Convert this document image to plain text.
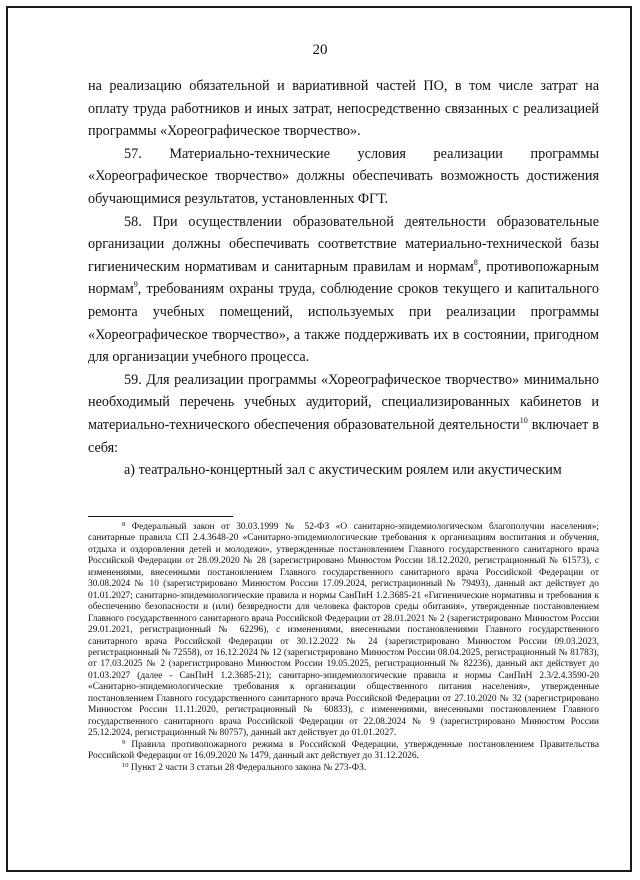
20

на реализацию обязательной и вариативной частей ПО, в том числе затрат на оплату труда работников и иных затрат, непосредственно связанных с реализацией программы «Хореографическое творчество».

57. Материально-технические условия реализации программы «Хореографическое творчество» должны обеспечивать возможность достижения обучающимися результатов, установленных ФГТ.

58. При осуществлении образовательной деятельности образовательные организации должны обеспечивать соответствие материально-технической базы гигиеническим нормативам и санитарным правилам и нормам$^8$, противопожарным нормам$^9$, требованиям охраны труда, соблюдение сроков текущего и капитального ремонта учебных помещений, используемых при реализации программы «Хореографическое творчество», а также поддерживать их в состоянии, пригодном для организации учебного процесса.

59. Для реализации программы «Хореографическое творчество» минимально необходимый перечень учебных аудиторий, специализированных кабинетов и материально-технического обеспечения образовательной деятельности$^{10}$ включает в себя:

а) театрально-концертный зал с акустическим роялем или акустическим

$^8$ Федеральный закон от 30.03.1999 № 52-ФЗ «О санитарно-эпидемиологическом благополучии населения»; санитарные правила СП 2.4.3648-20 «Санитарно-эпидемиологические требования к организациям воспитания и обучения, отдыха и оздоровления детей и молодежи», утвержденные постановлением Главного государственного санитарного врача Российской Федерации от 28.09.2020 № 28 (зарегистрировано Минюстом России 18.12.2020, регистрационный № 61573), с изменениями, внесенными постановлением Главного государственного санитарного врача Российской Федерации от 30.08.2024 № 10 (зарегистрировано Минюстом России 17.09.2024, регистрационный № 79493), данный акт действует до 01.01.2027; санитарно-эпидемиологические правила и нормы СанПиН 1.2.3685-21 «Гигиенические нормативы и требования к обеспечению безопасности и (или) безвредности для человека факторов среды обитания», утвержденные постановлением Главного государственного санитарного врача Российской Федерации от 28.01.2021 № 2 (зарегистрировано Минюстом России 29.01.2021, регистрационный № 62296), с изменениями, внесенными постановлениями Главного государственного санитарного врача Российской Федерации от 30.12.2022 № 24 (зарегистрировано Минюстом России 09.03.2023, регистрационный № 72558), от 16.12.2024 № 12 (зарегистрировано Минюстом России 08.04.2025, регистрационный № 81783), от 17.03.2025 № 2 (зарегистрировано Минюстом России 19.05.2025, регистрационный № 82236), данный акт действует до 01.03.2027 (далее - СанПиН 1.2.3685-21); санитарно-эпидемиологические правила и нормы СанПиН 2.3/2.4.3590-20 «Санитарно-эпидемиологические требования к организации общественного питания населения», утвержденные постановлением Главного государственного санитарного врача Российской Федерации от 27.10.2020 № 32 (зарегистрировано Минюстом России 11.11.2020, регистрационный № 60833), с изменениями, внесенными постановлением Главного государственного санитарного врача Российской Федерации от 22.08.2024 № 9 (зарегистрировано Минюстом России 25.12.2024, регистрационный № 80757), данный акт действует до 01.01.2027.

$^9$ Правила противопожарного режима в Российской Федерации, утвержденные постановлением Правительства Российской Федерации от 16.09.2020 № 1479, данный акт действует до 31.12.2026.

$^{10}$ Пункт 2 части 3 статьи 28 Федерального закона № 273-ФЗ.
